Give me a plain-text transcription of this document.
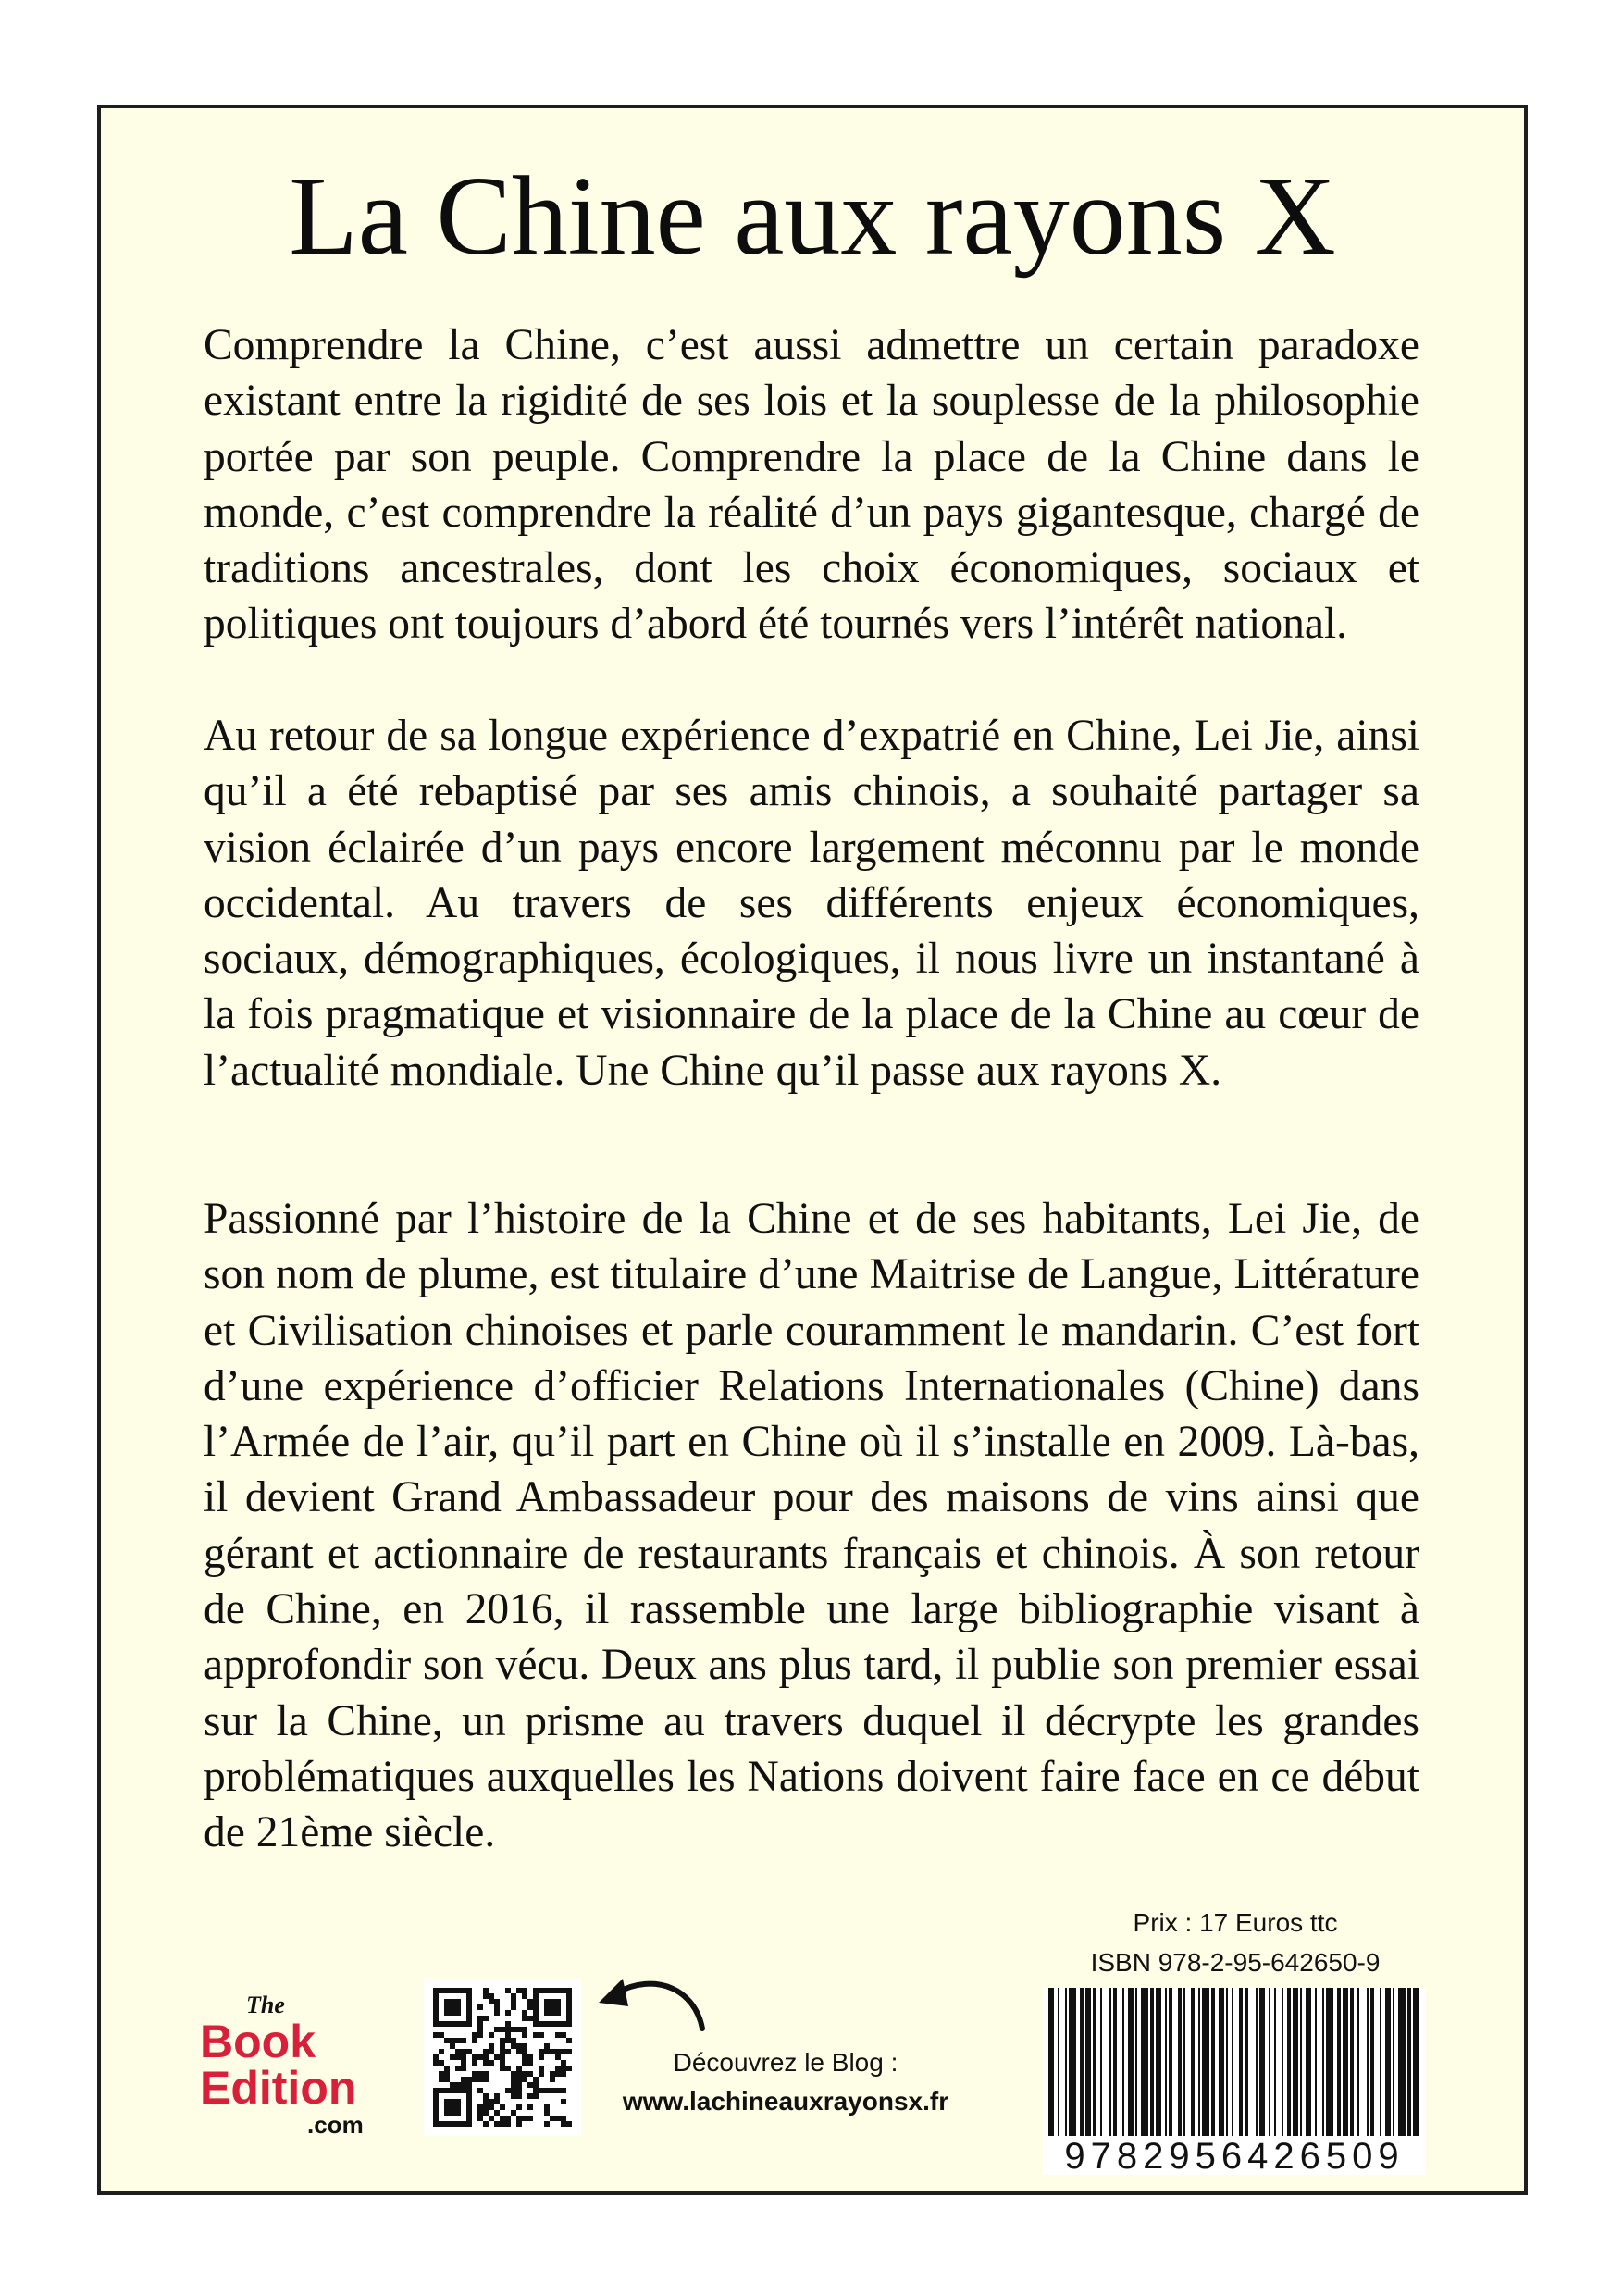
La Chine aux rayons X

Comprendre la Chine, c’est aussi admettre un certain paradoxe existant entre la rigidité de ses lois et la souplesse de la philosophie portée par son peuple. Comprendre la place de la Chine dans le monde, c’est comprendre la réalité d’un pays gigantesque, chargé de traditions ancestrales, dont les choix économiques, sociaux et politiques ont toujours d’abord été tournés vers l’intérêt national.

Au retour de sa longue expérience d’expatrié en Chine, Lei Jie, ainsi qu’il a été rebaptisé par ses amis chinois, a souhaité partager sa vision éclairée d’un pays encore largement méconnu par le monde occidental. Au travers de ses différents enjeux économiques, sociaux, démographiques, écologiques, il nous livre un instantané à la fois pragmatique et visionnaire de la place de la Chine au cœur de l’actualité mondiale. Une Chine qu’il passe aux rayons X.

Passionné par l’histoire de la Chine et de ses habitants, Lei Jie, de son nom de plume, est titulaire d’une Maitrise de Langue, Littérature et Civilisation chinoises et parle couramment le mandarin. C’est fort d’une expérience d’officier Relations Internationales (Chine) dans l’Armée de l’air, qu’il part en Chine où il s’installe en 2009. Là-bas, il devient Grand Ambassadeur pour des maisons de vins ainsi que gérant et actionnaire de restaurants français et chinois. À son retour de Chine, en 2016, il rassemble une large bibliographie visant à approfondir son vécu. Deux ans plus tard, il publie son premier essai sur la Chine, un prisme au travers duquel il décrypte les grandes problématiques auxquelles les Nations doivent faire face en ce début de 21ème siècle.

The
Book
Edition
.com
Découvrez le Blog :
www.lachineauxrayonsx.fr
Prix : 17 Euros ttc
ISBN 978-2-95-642650-9
9782956426509
